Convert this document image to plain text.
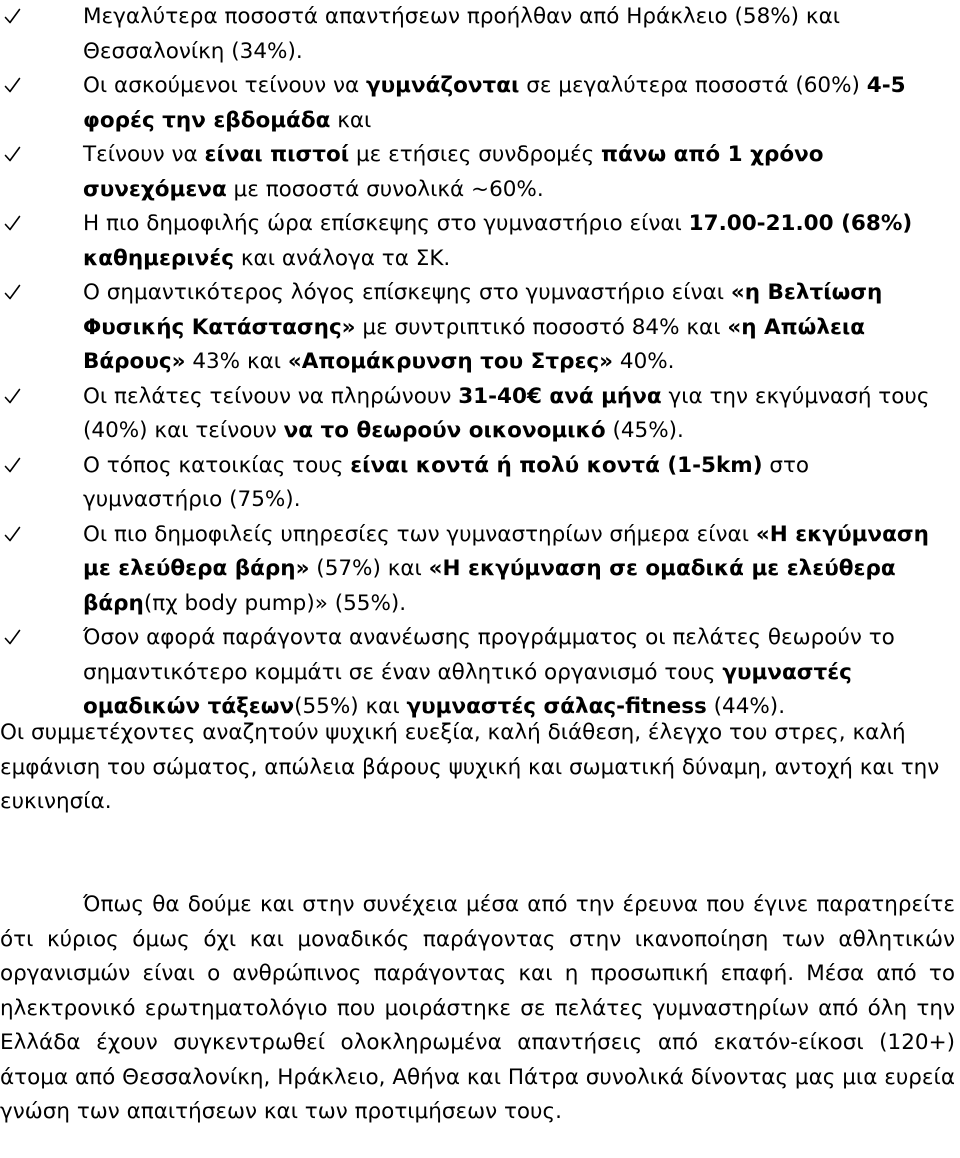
Μεγαλύτερα ποσοστά απαντήσεων προήλθαν από Ηράκλειο (58%) και Θεσσαλονίκη (34%).
Οι ασκούμενοι τείνουν να γυμνάζονται σε μεγαλύτερα ποσοστά (60%) 4-5 φορές την εβδομάδα και
Τείνουν να είναι πιστοί με ετήσιες συνδρομές πάνω από 1 χρόνο συνεχόμενα με ποσοστά συνολικά ~60%.
Η πιο δημοφιλής ώρα επίσκεψης στο γυμναστήριο είναι 17.00-21.00 (68%) καθημερινές και ανάλογα τα ΣΚ.
Ο σημαντικότερος λόγος επίσκεψης στο γυμναστήριο είναι «η Βελτίωση Φυσικής Κατάστασης» με συντριπτικό ποσοστό 84% και «η Απώλεια Βάρους» 43% και «Απομάκρυνση του Στρες» 40%.
Οι πελάτες τείνουν να πληρώνουν 31-40€ ανά μήνα για την εκγύμνασή τους (40%) και τείνουν να το θεωρούν οικονομικό (45%).
Ο τόπος κατοικίας τους είναι κοντά ή πολύ κοντά (1-5km) στο γυμναστήριο (75%).
Οι πιο δημοφιλείς υπηρεσίες των γυμναστηρίων σήμερα είναι «Η εκγύμναση με ελεύθερα βάρη» (57%) και «Η εκγύμναση σε ομαδικά με ελεύθερα βάρη(πχ body pump)» (55%).
Όσον αφορά παράγοντα ανανέωσης προγράμματος οι πελάτες θεωρούν το σημαντικότερο κομμάτι σε έναν αθλητικό οργανισμό τους γυμναστές ομαδικών τάξεων(55%) και γυμναστές σάλας-fitness (44%).

Οι συμμετέχοντες αναζητούν ψυχική ευεξία, καλή διάθεση, έλεγχο του στρες, καλή εμφάνιση του σώματος, απώλεια βάρους ψυχική και σωματική δύναμη, αντοχή και την ευκινησία.

Όπως θα δούμε και στην συνέχεια μέσα από την έρευνα που έγινε παρατηρείτε ότι κύριος όμως όχι και μοναδικός παράγοντας στην ικανοποίηση των αθλητικών οργανισμών είναι ο ανθρώπινος παράγοντας και η προσωπική επαφή. Μέσα από το ηλεκτρονικό ερωτηματολόγιο που μοιράστηκε σε πελάτες γυμναστηρίων από όλη την Ελλάδα έχουν συγκεντρωθεί ολοκληρωμένα απαντήσεις από εκατόν-είκοσι (120+) άτομα από Θεσσαλονίκη, Ηράκλειο, Αθήνα και Πάτρα συνολικά δίνοντας μας μια ευρεία γνώση των απαιτήσεων και των προτιμήσεων τους.
